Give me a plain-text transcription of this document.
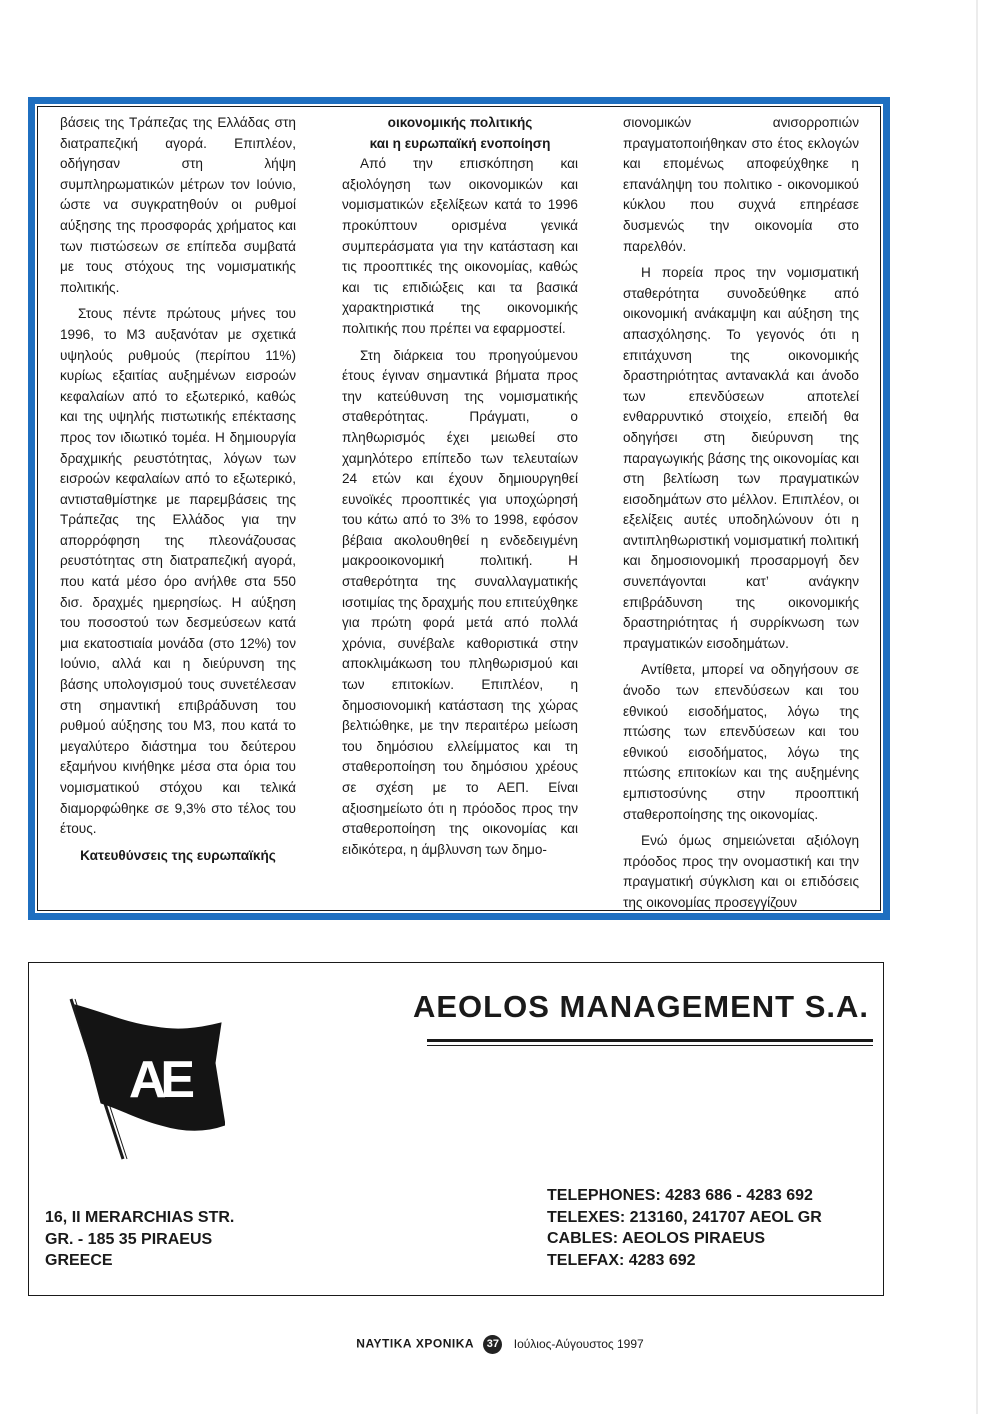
βάσεις της Τράπεζας της Ελλάδας στη διατραπεζική αγορά. Επιπλέον, οδήγησαν στη λήψη συμπληρωματικών μέτρων τον Ιούνιο, ώστε να συγκρατηθούν οι ρυθμοί αύξησης της προσφοράς χρήματος και των πιστώσεων σε επίπεδα συμβατά με τους στόχους της νομισματικής πολιτικής.

Στους πέντε πρώτους μήνες του 1996, το Μ3 αυξανόταν με σχετικά υψηλούς ρυθμούς (περίπου 11%) κυρίως εξαιτίας αυξημένων εισροών κεφαλαίων από το εξωτερικό, καθώς και της υψηλής πιστωτικής επέκτασης προς τον ιδιωτικό τομέα. Η δημιουργία δραχμικής ρευστότητας, λόγων των εισροών κεφαλαίων από το εξωτερικό, αντισταθμίστηκε με παρεμβάσεις της Τράπεζας της Ελλάδος για την απορρόφηση της πλεονάζουσας ρευστότητας στη διατραπεζική αγορά, που κατά μέσο όρο ανήλθε στα 550 δισ. δραχμές ημερησίως. Η αύξηση του ποσοστού των δεσμεύσεων κατά μια εκατοστιαία μονάδα (στο 12%) τον Ιούνιο, αλλά και η διεύρυνση της βάσης υπολογισμού τους συνετέλεσαν στη σημαντική επιβράδυνση του ρυθμού αύξησης του Μ3, που κατά το μεγαλύτερο διάστημα του δεύτερου εξαμήνου κινήθηκε μέσα στα όρια του νομισματικού στόχου και τελικά διαμορφώθηκε σε 9,3% στο τέλος του έτους.

Κατευθύνσεις της ευρωπαϊκής
οικονομικής πολιτικής
και η ευρωπαϊκή ενοποίηση

Από την επισκόπηση και αξιολόγηση των οικονομικών και νομισματικών εξελίξεων κατά το 1996 προκύπτουν ορισμένα γενικά συμπεράσματα για την κατάσταση και τις προοπτικές της οικονομίας, καθώς και τις επιδιώξεις και τα βασικά χαρακτηριστικά της οικονομικής πολιτικής που πρέπει να εφαρμοστεί.

Στη διάρκεια του προηγούμενου έτους έγιναν σημαντικά βήματα προς την κατεύθυνση της νομισματικής σταθερότητας. Πράγματι, ο πληθωρισμός έχει μειωθεί στο χαμηλότερο επίπεδο των τελευταίων 24 ετών και έχουν δημιουργηθεί ευνοϊκές προοπτικές για υποχώρησή του κάτω από το 3% το 1998, εφόσον βέβαια ακολουθηθεί η ενδεδειγμένη μακροοικονομική πολιτική. Η σταθερότητα της συναλλαγματικής ισοτιμίας της δραχμής που επιτεύχθηκε για πρώτη φορά μετά από πολλά χρόνια, συνέβαλε καθοριστικά στην αποκλιμάκωση του πληθωρισμού και των επιτοκίων. Επιπλέον, η δημοσιονομική κατάσταση της χώρας βελτιώθηκε, με την περαιτέρω μείωση του δημόσιου ελλείμματος και τη σταθεροποίηση του δημόσιου χρέους σε σχέση με το ΑΕΠ. Είναι αξιοσημείωτο ότι η πρόοδος προς την σταθεροποίηση της οικονομίας και ειδικότερα, η άμβλυνση των δημο-

σιονομικών ανισορροπιών πραγματοποιήθηκαν στο έτος εκλογών και επομένως αποφεύχθηκε η επανάληψη του πολιτικο - οικονομικού κύκλου που συχνά επηρέασε δυσμενώς την οικονομία στο παρελθόν.

Η πορεία προς την νομισματική σταθερότητα συνοδεύθηκε από οικονομική ανάκαμψη και αύξηση της απασχόλησης. Το γεγονός ότι η επιτάχυνση της οικονομικής δραστηριότητας αντανακλά και άνοδο των επενδύσεων αποτελεί ενθαρρυντικό στοιχείο, επειδή θα οδηγήσει στη διεύρυνση της παραγωγικής βάσης της οικονομίας και στη βελτίωση των πραγματικών εισοδημάτων στο μέλλον. Επιπλέον, οι εξελίξεις αυτές υποδηλώνουν ότι η αντιπληθωριστική νομισματική πολιτική και δημοσιονομική προσαρμογή δεν συνεπάγονται κατ’ ανάγκην επιβράδυνση της οικονομικής δραστηριότητας ή συρρίκνωση των πραγματικών εισοδημάτων.

Αντίθετα, μπορεί να οδηγήσουν σε άνοδο των επενδύσεων και του εθνικού εισοδήματος, λόγω της πτώσης των επενδύσεων και του εθνικού εισοδήματος, λόγω της πτώσης επιτοκίων και της αυξημένης εμπιστοσύνης στην προοπτική σταθεροποίησης της οικονομίας.

Ενώ όμως σημειώνεται αξιόλογη πρόοδος προς την ονομαστική και την πραγματική σύγκλιση και οι επιδόσεις της οικονομίας προσεγγίζουν

AE
AEOLOS MANAGEMENT S.A.
16, II MERARCHIAS STR.
GR. - 185 35 PIRAEUS
GREECE
TELEPHONES: 4283 686 - 4283 692
TELEXES: 213160, 241707 AEOL GR
CABLES: AEOLOS PIRAEUS
TELEFAX: 4283 692
ΝΑΥΤΙΚΑ ΧΡΟΝΙΚΑ 37 Ιούλιος-Αύγουστος 1997
